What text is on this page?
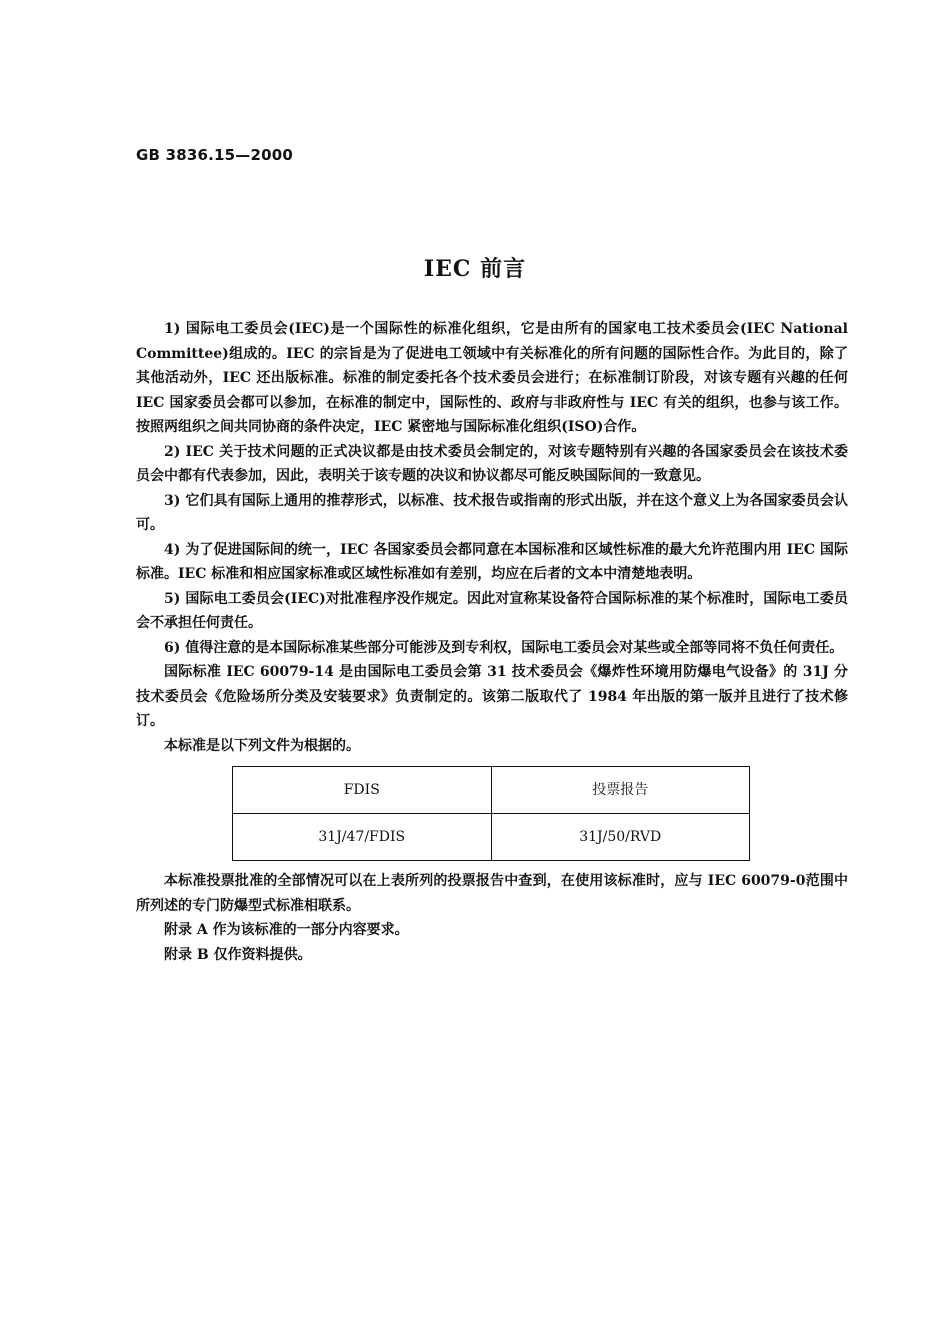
GB 3836.15—2000
IEC 前言

1) 国际电工委员会(IEC)是一个国际性的标准化组织，它是由所有的国家电工技术委员会(IEC National Committee)组成的。IEC 的宗旨是为了促进电工领域中有关标准化的所有问题的国际性合作。为此目的，除了其他活动外，IEC 还出版标准。标准的制定委托各个技术委员会进行；在标准制订阶段，对该专题有兴趣的任何 IEC 国家委员会都可以参加，在标准的制定中，国际性的、政府与非政府性与 IEC 有关的组织，也参与该工作。按照两组织之间共同协商的条件决定，IEC 紧密地与国际标准化组织(ISO)合作。

2) IEC 关于技术问题的正式决议都是由技术委员会制定的，对该专题特别有兴趣的各国家委员会在该技术委员会中都有代表参加，因此，表明关于该专题的决议和协议都尽可能反映国际间的一致意见。

3) 它们具有国际上通用的推荐形式，以标准、技术报告或指南的形式出版，并在这个意义上为各国家委员会认可。

4) 为了促进国际间的统一，IEC 各国家委员会都同意在本国标准和区域性标准的最大允许范围内用 IEC 国际标准。IEC 标准和相应国家标准或区域性标准如有差别，均应在后者的文本中清楚地表明。

5) 国际电工委员会(IEC)对批准程序没作规定。因此对宣称某设备符合国际标准的某个标准时，国际电工委员会不承担任何责任。

6) 值得注意的是本国际标准某些部分可能涉及到专利权，国际电工委员会对某些或全部等同将不负任何责任。

国际标准 IEC 60079-14 是由国际电工委员会第 31 技术委员会《爆炸性环境用防爆电气设备》的 31J 分技术委员会《危险场所分类及安装要求》负责制定的。该第二版取代了 1984 年出版的第一版并且进行了技术修订。

本标准是以下列文件为根据的。

FDIS	投票报告
31J/47/FDIS	31J/50/RVD

本标准投票批准的全部情况可以在上表所列的投票报告中查到，在使用该标准时，应与 IEC 60079-0范围中所列述的专门防爆型式标准相联系。

附录 A 作为该标准的一部分内容要求。

附录 B 仅作资料提供。
